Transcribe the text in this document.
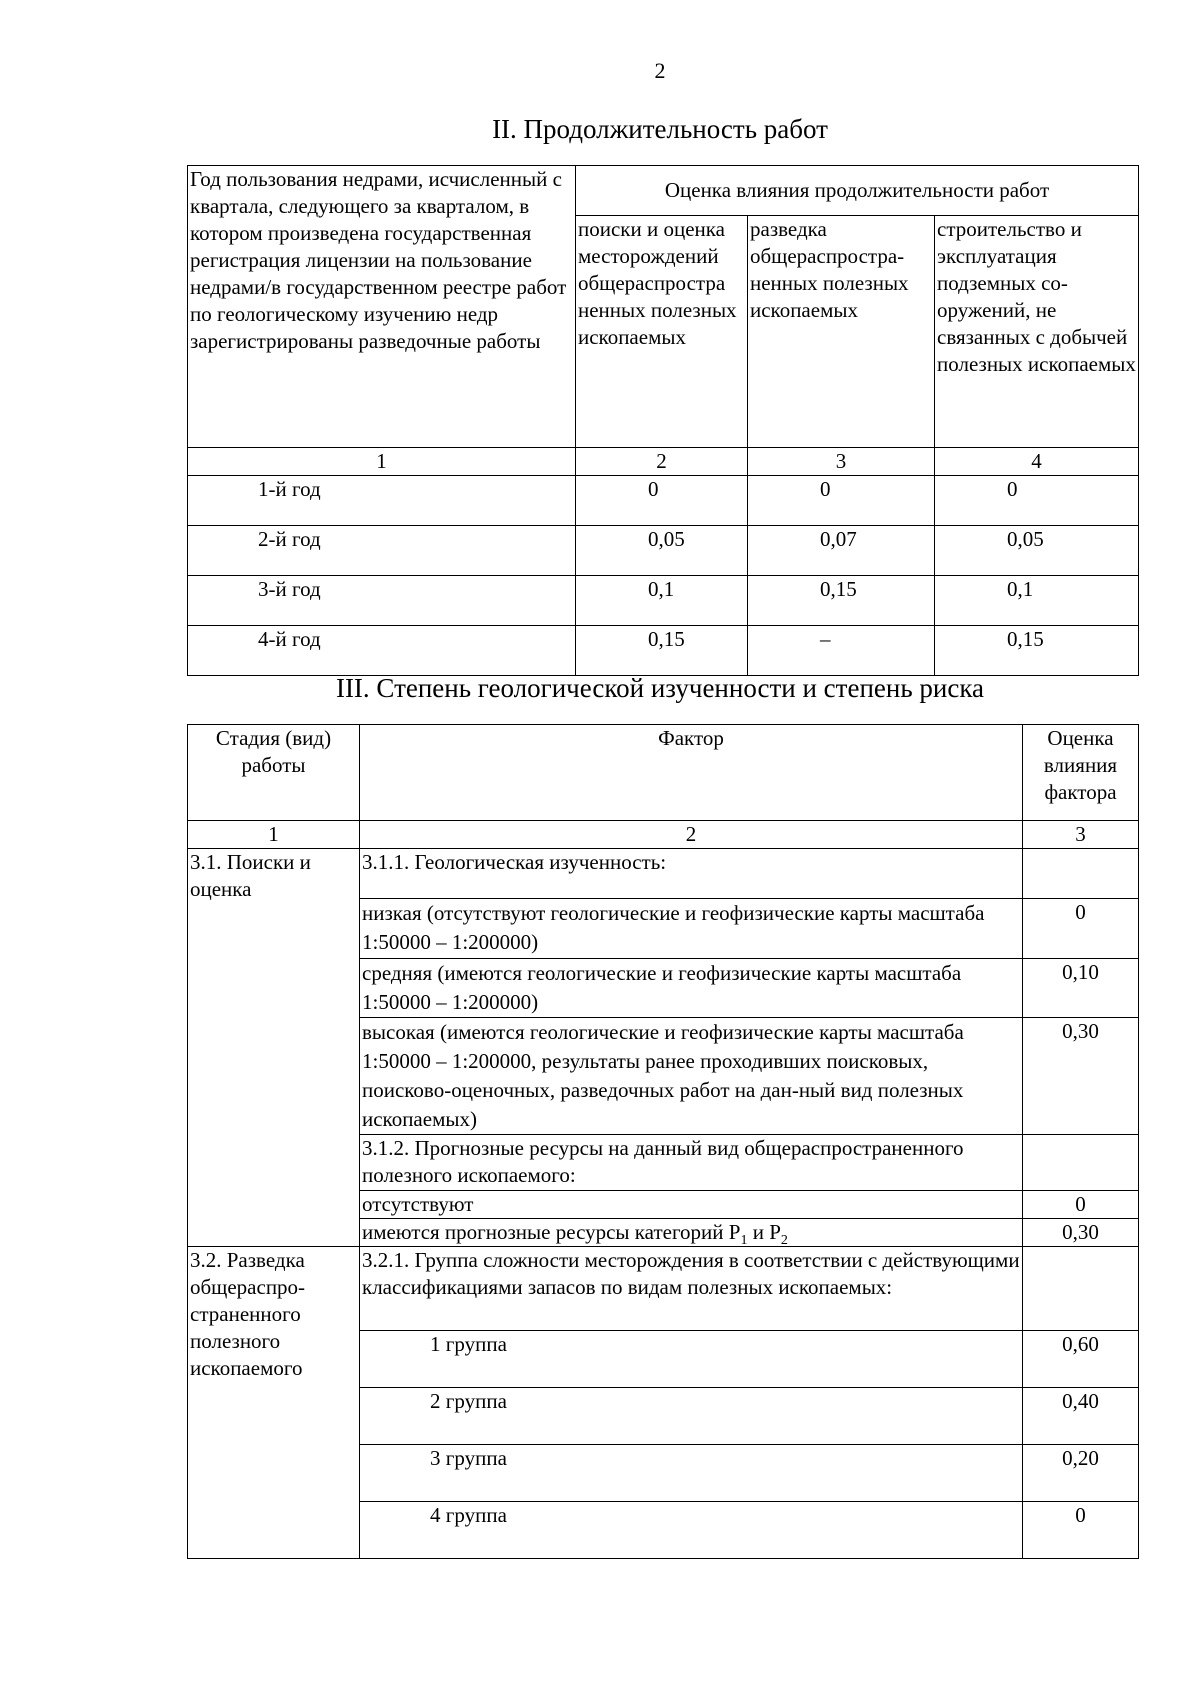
2
II. Продолжительность работ
Год пользования недрами, исчисленный с квартала, следующего за кварталом, в котором произведена государственная регистрация лицензии на пользование недрами/в государственном реестре работ по геологическому изучению недр зарегистрированы разведочные работы	Оценка влияния продолжительности работ		
	поиски и оценка месторождений общераспростра ненных полезных ископаемых	разведка общераспростра-ненных полезных ископаемых	строительство и эксплуатация подземных со-оружений, не связанных с добычей полезных ископаемых
1	2	3	4
1-й год	0	0	0
2-й год	0,05	0,07	0,05
3-й год	0,1	0,15	0,1
4-й год	0,15	–	0,15
III. Степень геологической изученности и степень риска
Стадия (вид) работы	Фактор	Оценка влияния фактора
1	2	3
3.1. Поиски и оценка	3.1.1. Геологическая изученность:	
	низкая (отсутствуют геологические и геофизические карты масштаба 1:50000 – 1:200000)	0
	средняя (имеются геологические и геофизические карты масштаба 1:50000 – 1:200000)	0,10
	высокая (имеются геологические и геофизические карты масштаба 1:50000 – 1:200000, результаты ранее проходивших поисковых, поисково-оценочных, разведочных работ на дан-ный вид полезных ископаемых)	0,30
	3.1.2. Прогнозные ресурсы на данный вид общераспространенного полезного ископаемого:	
	отсутствуют	0
	имеются прогнозные ресурсы категорий $P_1$ и $P_2$	0,30
3.2. Разведка общераспро-страненного полезного ископаемого	3.2.1. Группа сложности месторождения в соответствии с действующими классификациями запасов по видам полезных ископаемых:	
	1 группа	0,60
	2 группа	0,40
	3 группа	0,20
	4 группа	0
